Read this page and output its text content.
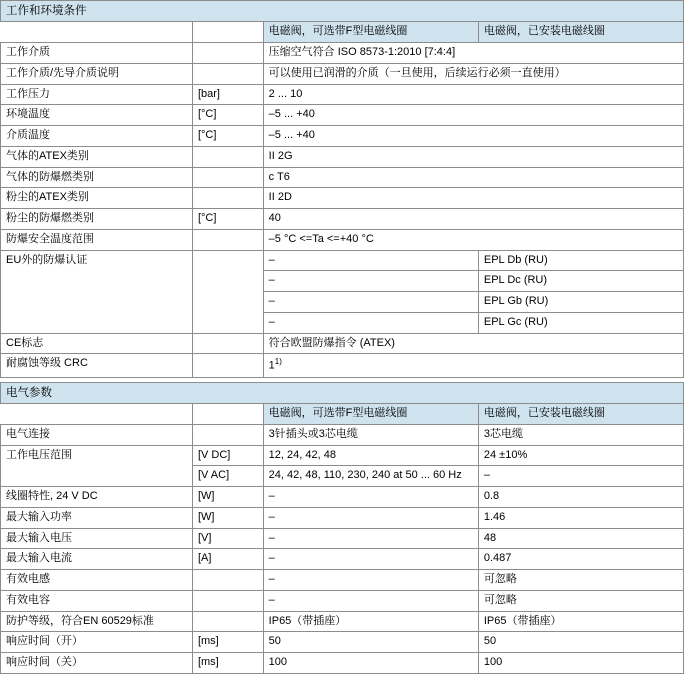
工作和环境条件			
		电磁阀，可选带F型电磁线圈	电磁阀，已安装电磁线圈
工作介质		压缩空气符合 ISO 8573-1:2010 [7:4:4]	
工作介质/先导介质说明		可以使用已润滑的介质（一旦使用，后续运行必须一直使用）	
工作压力	[bar]	2 ... 10	
环境温度	[°C]	–5 ... +40	
介质温度	[°C]	–5 ... +40	
气体的ATEX类别		II 2G	
气体的防爆燃类别		c T6	
粉尘的ATEX类别		II 2D	
粉尘的防爆燃类别	[°C]	40	
防爆安全温度范围		–5 °C <=Ta <=+40 °C	
EU外的防爆认证		–	EPL Db (RU)
		–	EPL Dc (RU)
		–	EPL Gb (RU)
		–	EPL Gc (RU)
CE标志		符合欧盟防爆指令 (ATEX)	
耐腐蚀等级 CRC		1$^{1)}$
电气参数			
		电磁阀，可选带F型电磁线圈	电磁阀，已安装电磁线圈
电气连接		3针插头或3芯电缆	3芯电缆
工作电压范围	[V DC]	12, 24, 42, 48	24 ±10%
	[V AC]	24, 42, 48, 110, 230, 240 at 50 ... 60 Hz	–
线圈特性, 24 V DC	[W]	–	0.8
最大输入功率	[W]	–	1.46
最大输入电压	[V]	–	48
最大输入电流	[A]	–	0.487
有效电感		–	可忽略
有效电容		–	可忽略
防护等级，符合EN 60529标准		IP65（带插座）	IP65（带插座）
响应时间（开）	[ms]	50	50
响应时间（关）	[ms]	100	100
